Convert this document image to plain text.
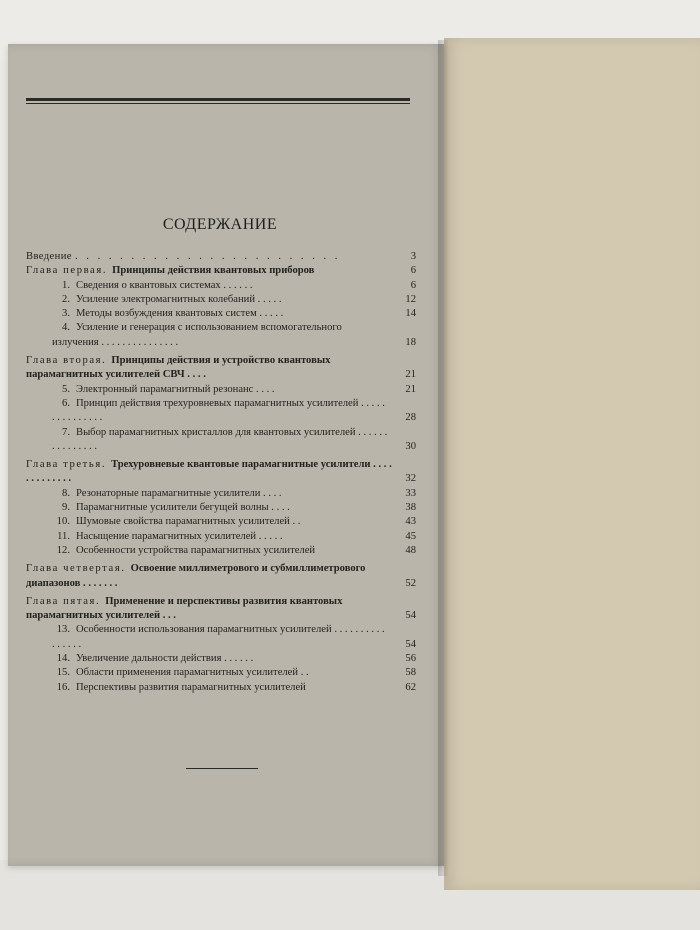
СОДЕРЖАНИЕ
Введение . . . . . . . . . . . . . . . . . . . . . . . .	3
Глава первая. Принципы действия квантовых приборов	6
1. Сведения о квантовых системах . . . . . .	6
2. Усиление электромагнитных колебаний . . . . .	12
3. Методы возбуждения квантовых систем . . . . .	14
4. Усиление и генерация с использованием вспомогательного излучения . . . . . . . . . . . . . . .	18
Глава вторая. Принципы действия и устройство квантовых парамагнитных усилителей СВЧ . . . .	21
5. Электронный парамагнитный резонанс . . . .	21
6. Принцип действия трехуровневых парамагнитных усилителей . . . . . . . . . . . . . . .	28
7. Выбор парамагнитных кристаллов для квантовых усилителей . . . . . . . . . . . . . . .	30
Глава третья. Трехуровневые квантовые парамагнитные усилители . . . . . . . . . . . . .	32
8. Резонаторные парамагнитные усилители . . . .	33
9. Парамагнитные усилители бегущей волны . . . .	38
10. Шумовые свойства парамагнитных усилителей . .	43
11. Насыщение парамагнитных усилителей . . . . .	45
12. Особенности устройства парамагнитных усилителей	48
Глава четвертая. Освоение миллиметрового и субмиллиметрового диапазонов . . . . . . .	52
Глава пятая. Применение и перспективы развития квантовых парамагнитных усилителей . . .	54
13. Особенности использования парамагнитных усилителей . . . . . . . . . . . . . . . .	54
14. Увеличение дальности действия . . . . . .	56
15. Области применения парамагнитных усилителей . .	58
16. Перспективы развития парамагнитных усилителей	62
